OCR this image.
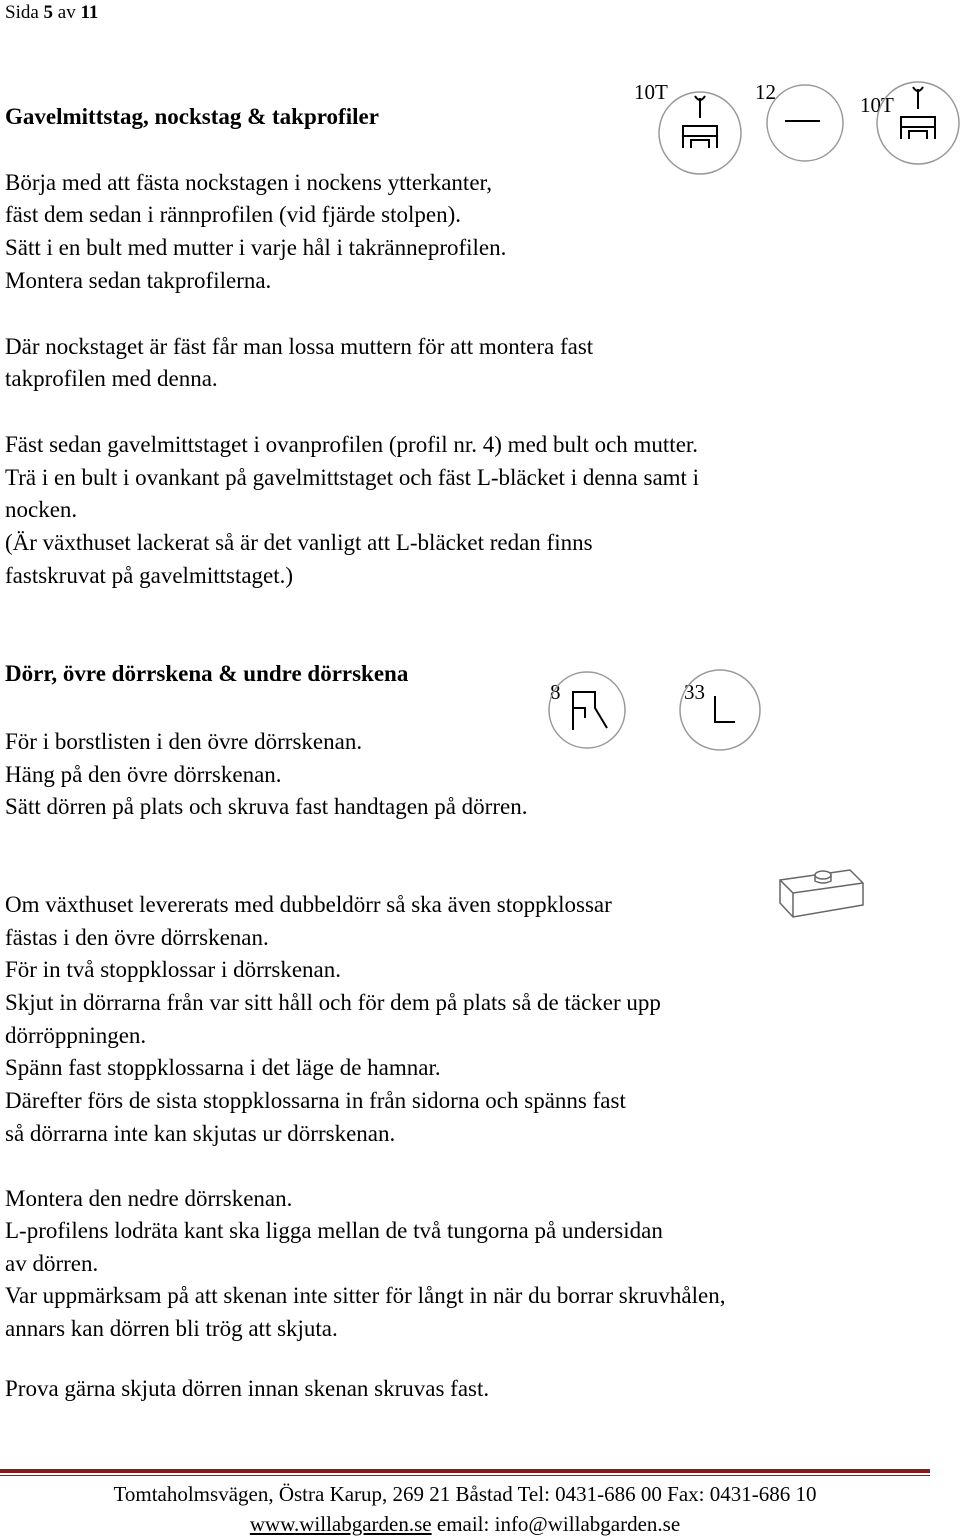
Sida 5 av 11
Gavelmittstag, nockstag & takprofiler
10T	12
10T
Börja med att fästa nockstagen i nockens ytterkanter,
fäst dem sedan i rännprofilen (vid fjärde stolpen).
Sätt i en bult med mutter i varje hål i takränneprofilen.
Montera sedan takprofilerna.
Där nockstaget är fäst får man lossa muttern för att montera fast
takprofilen med denna.
Fäst sedan gavelmittstaget i ovanprofilen (profil nr. 4) med bult och mutter.
Trä i en bult i ovankant på gavelmittstaget och fäst L-bläcket i denna samt i
nocken.
(Är växthuset lackerat så är det vanligt att L-bläcket redan finns
fastskruvat på gavelmittstaget.)
Dörr, övre dörrskena & undre dörrskena
8	33
För i borstlisten i den övre dörrskenan.
Häng på den övre dörrskenan.
Sätt dörren på plats och skruva fast handtagen på dörren.
Om växthuset levererats med dubbeldörr så ska även stoppklossar
fästas i den övre dörrskenan.
För in två stoppklossar i dörrskenan.
Skjut in dörrarna från var sitt håll och för dem på plats så de täcker upp
dörröppningen.
Spänn fast stoppklossarna i det läge de hamnar.
Därefter förs de sista stoppklossarna in från sidorna och spänns fast
så dörrarna inte kan skjutas ur dörrskenan.
Montera den nedre dörrskenan.
L-profilens lodräta kant ska ligga mellan de två tungorna på undersidan
av dörren.
Var uppmärksam på att skenan inte sitter för långt in när du borrar skruvhålen,
annars kan dörren bli trög att skjuta.
Prova gärna skjuta dörren innan skenan skruvas fast.
Tomtaholmsvägen, Östra Karup, 269 21 Båstad Tel: 0431-686 00 Fax: 0431-686 10
www.willabgarden.se email: info@willabgarden.se
